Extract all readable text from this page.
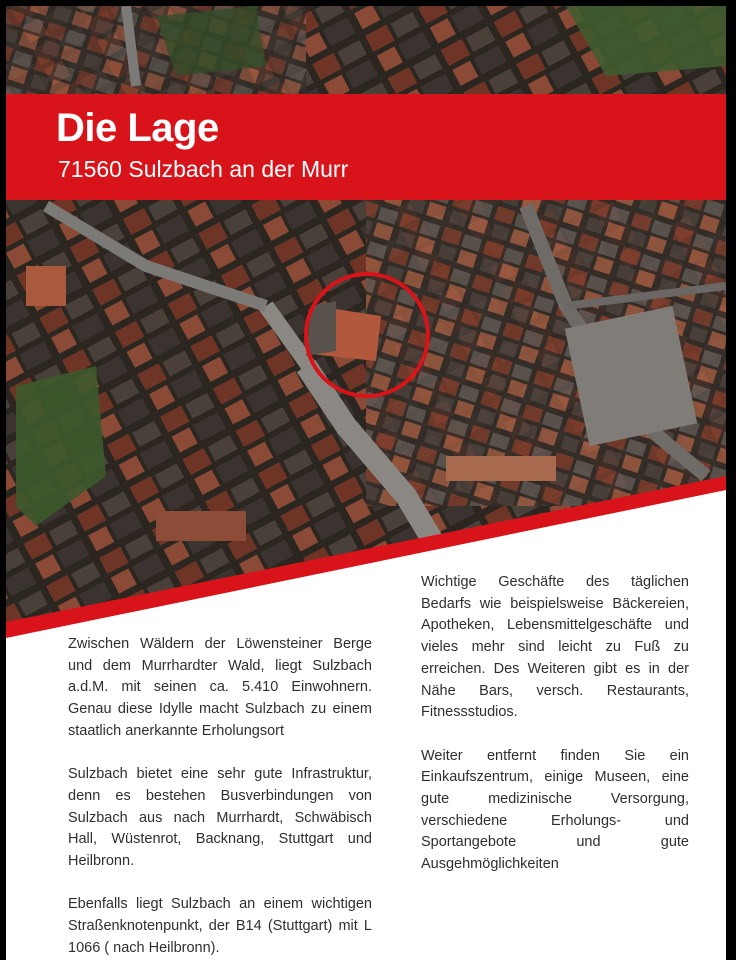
Die Lage
71560 Sulzbach an der Murr

Zwischen Wäldern der Löwensteiner Berge und dem Murrhardter Wald, liegt Sulzbach a.d.M. mit seinen ca. 5.410 Einwohnern. Genau diese Idylle macht Sulzbach zu einem staatlich anerkannte Erholungsort

Sulzbach bietet eine sehr gute Infrastruktur, denn es bestehen Busverbindungen von Sulzbach aus nach Murrhardt, Schwäbisch Hall, Wüstenrot, Backnang, Stuttgart und Heilbronn.

Ebenfalls liegt Sulzbach an einem wichtigen Straßenknotenpunkt, der B14 (Stuttgart) mit L 1066 ( nach Heilbronn).

Wichtige Geschäfte des täglichen Bedarfs wie beispielsweise Bäckereien, Apotheken, Lebensmittelgeschäfte und vieles mehr sind leicht zu Fuß zu erreichen. Des Weiteren gibt es in der Nähe Bars, versch. Restaurants, Fitnessstudios.

Weiter entfernt finden Sie ein Einkaufszentrum, einige Museen, eine gute medizinische Versorgung, verschiedene Erholungs- und Sportangebote und gute Ausgehmöglichkeiten
